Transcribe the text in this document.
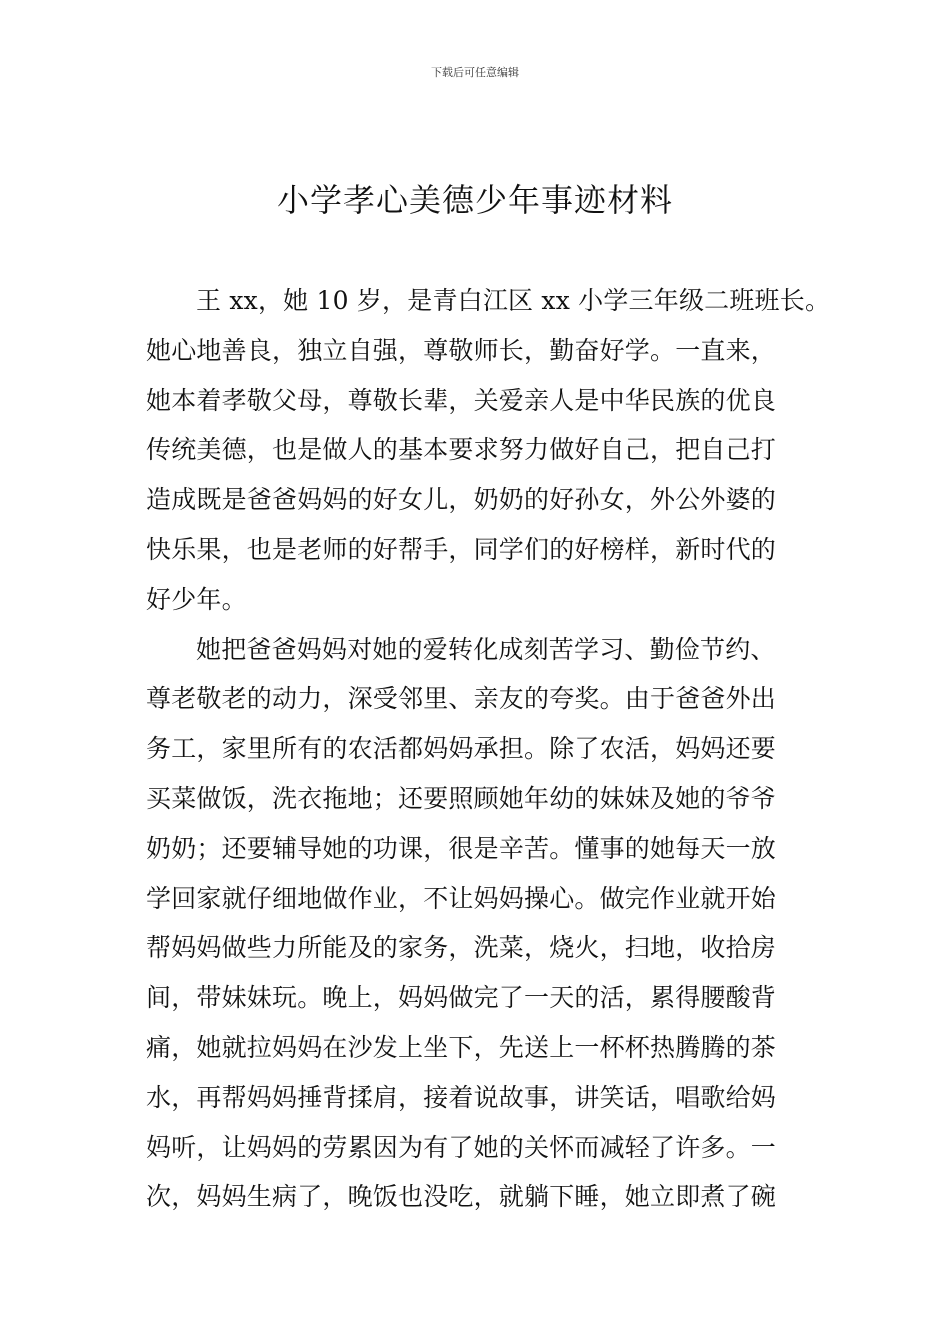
下载后可任意编辑
小学孝心美德少年事迹材料
王 xx，她 10 岁，是青白江区 xx 小学三年级二班班长。
她心地善良，独立自强，尊敬师长，勤奋好学。一直来，
她本着孝敬父母，尊敬长辈，关爱亲人是中华民族的优良
传统美德，也是做人的基本要求努力做好自己，把自己打
造成既是爸爸妈妈的好女儿，奶奶的好孙女，外公外婆的
快乐果，也是老师的好帮手，同学们的好榜样，新时代的
好少年。
她把爸爸妈妈对她的爱转化成刻苦学习、勤俭节约、
尊老敬老的动力，深受邻里、亲友的夸奖。由于爸爸外出
务工，家里所有的农活都妈妈承担。除了农活，妈妈还要
买菜做饭，洗衣拖地；还要照顾她年幼的妹妹及她的爷爷
奶奶；还要辅导她的功课，很是辛苦。懂事的她每天一放
学回家就仔细地做作业，不让妈妈操心。做完作业就开始
帮妈妈做些力所能及的家务，洗菜，烧火，扫地，收拾房
间，带妹妹玩。晚上，妈妈做完了一天的活，累得腰酸背
痛，她就拉妈妈在沙发上坐下，先送上一杯杯热腾腾的茶
水，再帮妈妈捶背揉肩，接着说故事，讲笑话，唱歌给妈
妈听，让妈妈的劳累因为有了她的关怀而减轻了许多。一
次，妈妈生病了，晚饭也没吃，就躺下睡，她立即煮了碗
